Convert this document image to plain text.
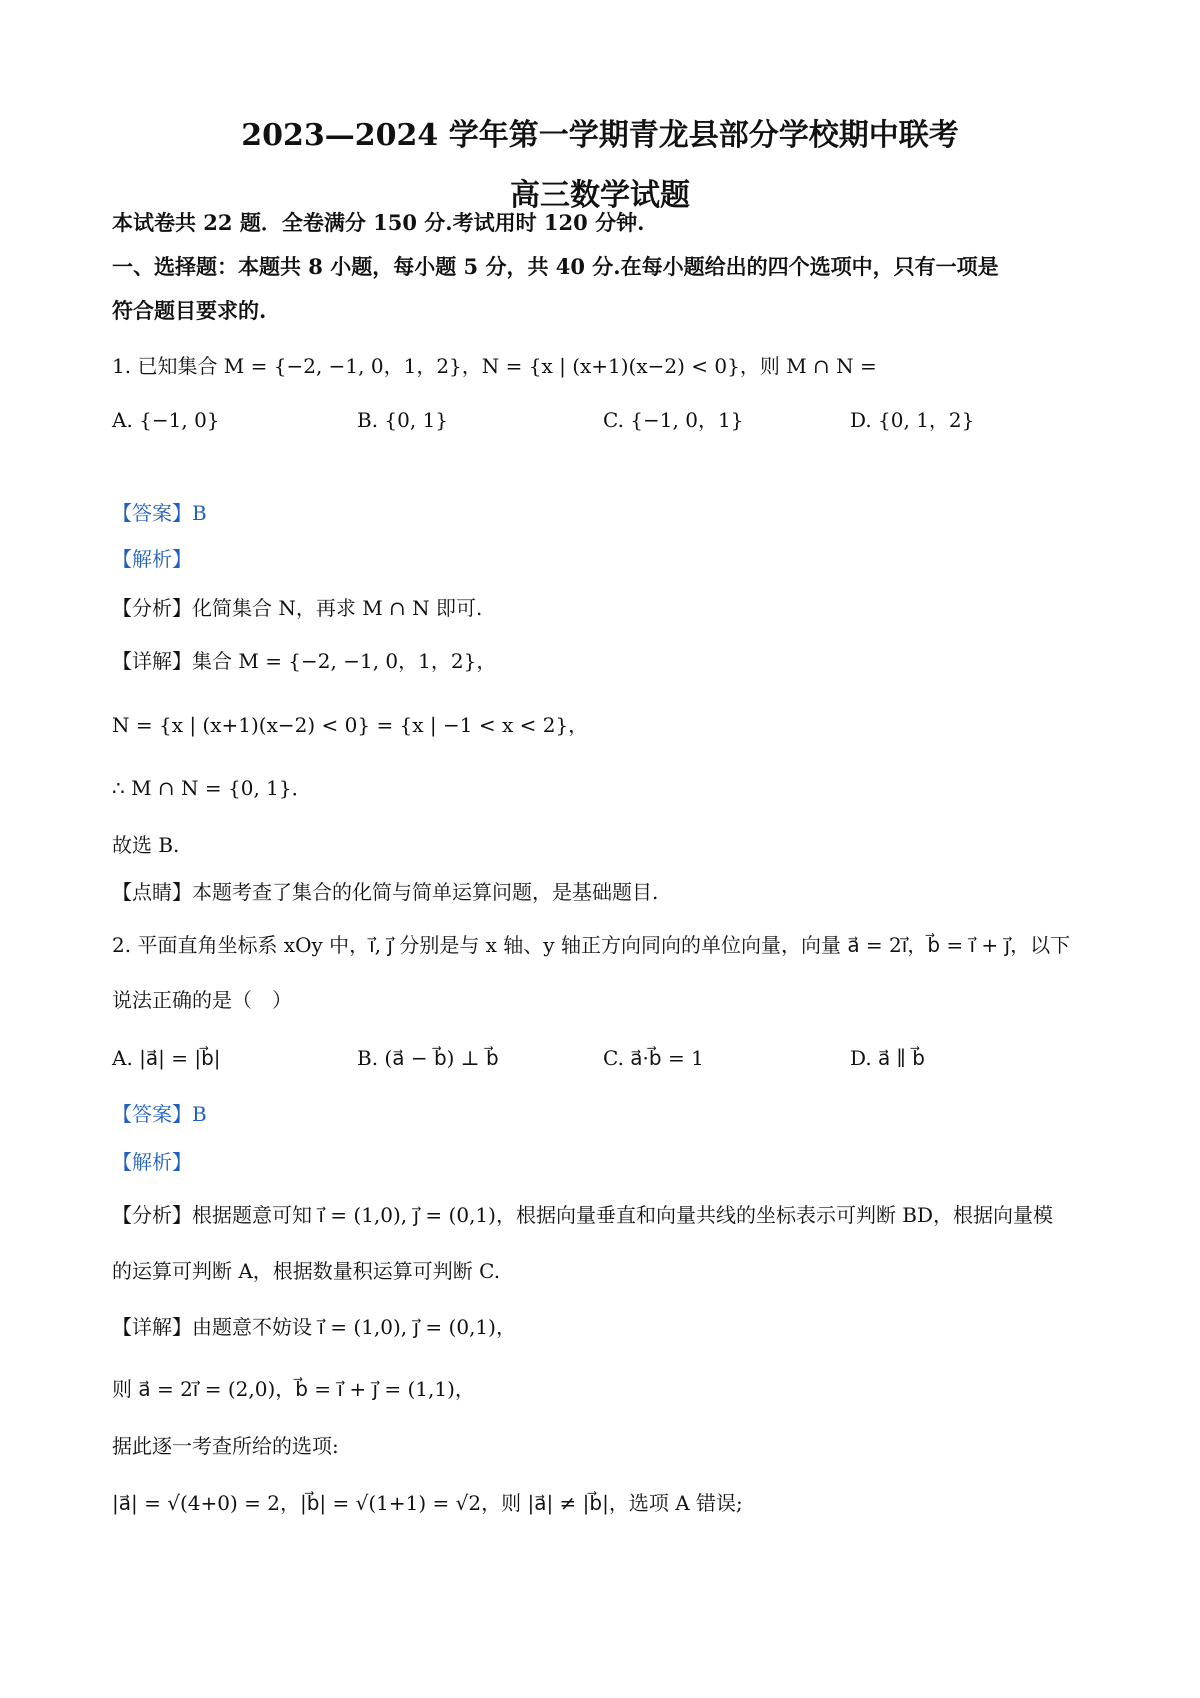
2023—2024 学年第一学期青龙县部分学校期中联考
高三数学试题
本试卷共 22 题．全卷满分 150 分.考试用时 120 分钟.
一、选择题：本题共 8 小题，每小题 5 分，共 40 分.在每小题给出的四个选项中，只有一项是
符合题目要求的.
1. 已知集合 M = {−2, −1, 0，1，2}，N = {x | (x+1)(x−2) < 0}，则 M ∩ N =
A. {−1, 0}	B. {0, 1}	C. {−1, 0，1}	D. {0, 1，2}
【答案】B
【解析】
【分析】化简集合 N，再求 M ∩ N 即可.
【详解】集合 M = {−2, −1, 0，1，2}，
N = {x | (x+1)(x−2) < 0} = {x | −1 < x < 2}，
∴ M ∩ N = {0, 1}．
故选 B.
【点睛】本题考查了集合的化简与简单运算问题，是基础题目.
2. 平面直角坐标系 xOy 中，i⃗, j⃗ 分别是与 x 轴、y 轴正方向同向的单位向量，向量 a⃗ = 2i⃗，b⃗ = i⃗ + j⃗，以下
说法正确的是（　）
A. |a⃗| = |b⃗|	B. (a⃗ − b⃗) ⊥ b⃗	C. a⃗·b⃗ = 1	D. a⃗ ∥ b⃗
【答案】B
【解析】
【分析】根据题意可知 i⃗ = (1,0), j⃗ = (0,1)，根据向量垂直和向量共线的坐标表示可判断 BD，根据向量模
的运算可判断 A，根据数量积运算可判断 C.
【详解】由题意不妨设 i⃗ = (1,0), j⃗ = (0,1)，
则 a⃗ = 2i⃗ = (2,0)，b⃗ = i⃗ + j⃗ = (1,1)，
据此逐一考查所给的选项:
|a⃗| = √(4+0) = 2，|b⃗| = √(1+1) = √2，则 |a⃗| ≠ |b⃗|，选项 A 错误;
